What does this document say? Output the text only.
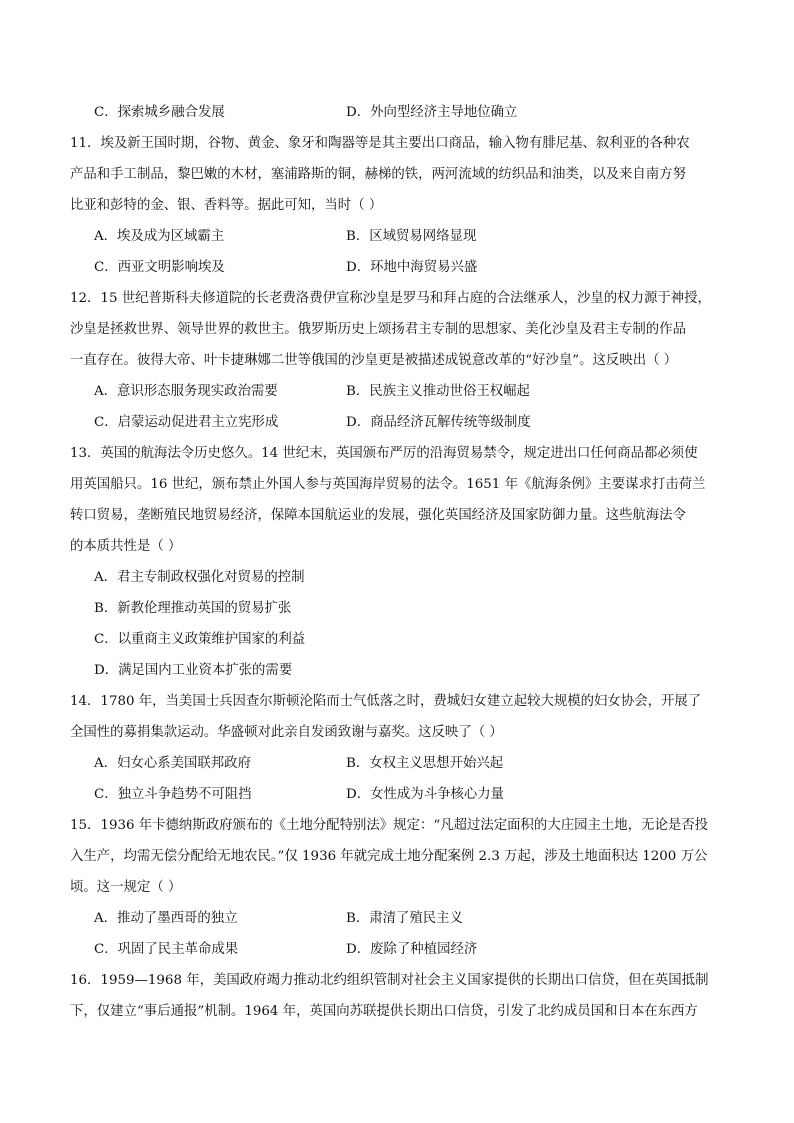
C．探索城乡融合发展	D．外向型经济主导地位确立
11．埃及新王国时期，谷物、黄金、象牙和陶器等是其主要出口商品，输入物有腓尼基、叙利亚的各种农
产品和手工制品，黎巴嫩的木材，塞浦路斯的铜，赫梯的铁，两河流域的纺织品和油类，以及来自南方努
比亚和彭特的金、银、香料等。据此可知，当时（ ）
A．埃及成为区域霸主	B．区域贸易网络显现
C．西亚文明影响埃及	D．环地中海贸易兴盛
12．15 世纪普斯科夫修道院的长老费洛费伊宣称沙皇是罗马和拜占庭的合法继承人，沙皇的权力源于神授，
沙皇是拯救世界、领导世界的救世主。俄罗斯历史上颂扬君主专制的思想家、美化沙皇及君主专制的作品
一直存在。彼得大帝、叶卡捷琳娜二世等俄国的沙皇更是被描述成锐意改革的“好沙皇”。这反映出（ ）
A．意识形态服务现实政治需要	B．民族主义推动世俗王权崛起
C．启蒙运动促进君主立宪形成	D．商品经济瓦解传统等级制度
13．英国的航海法令历史悠久。14 世纪末，英国颁布严厉的沿海贸易禁令，规定进出口任何商品都必须使
用英国船只。16 世纪，颁布禁止外国人参与英国海岸贸易的法令。1651 年《航海条例》主要谋求打击荷兰
转口贸易，垄断殖民地贸易经济，保障本国航运业的发展，强化英国经济及国家防御力量。这些航海法令
的本质共性是（ ）
A．君主专制政权强化对贸易的控制
B．新教伦理推动英国的贸易扩张
C．以重商主义政策维护国家的利益
D．满足国内工业资本扩张的需要
14．1780 年，当美国士兵因查尔斯顿沦陷而士气低落之时，费城妇女建立起较大规模的妇女协会，开展了
全国性的募捐集款运动。华盛顿对此亲自发函致谢与嘉奖。这反映了（ ）
A．妇女心系美国联邦政府	B．女权主义思想开始兴起
C．独立斗争趋势不可阻挡	D．女性成为斗争核心力量
15．1936 年卡德纳斯政府颁布的《土地分配特别法》规定：“凡超过法定面积的大庄园主土地，无论是否投
入生产，均需无偿分配给无地农民。”仅 1936 年就完成土地分配案例 2.3 万起，涉及土地面积达 1200 万公
顷。这一规定（ ）
A．推动了墨西哥的独立	B．肃清了殖民主义
C．巩固了民主革命成果	D．废除了种植园经济
16．1959—1968 年，美国政府竭力推动北约组织管制对社会主义国家提供的长期出口信贷，但在英国抵制
下，仅建立“事后通报”机制。1964 年，英国向苏联提供长期出口信贷，引发了北约成员国和日本在东西方
